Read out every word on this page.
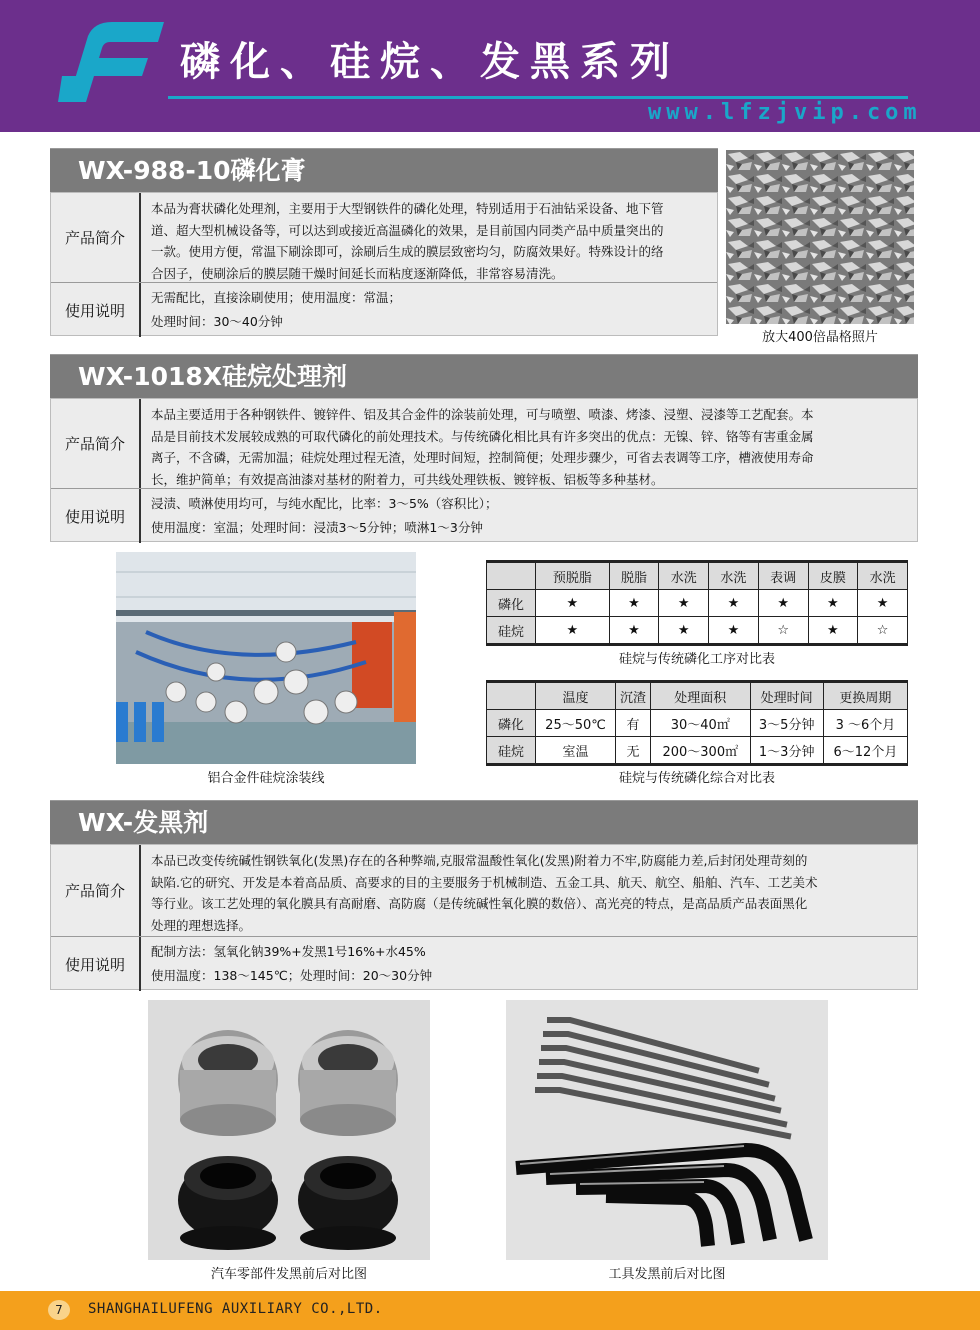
磷化、硅烷、发黑系列
www.lfzjvip.com
WX-988-10磷化膏
产品简介
本品为膏状磷化处理剂，主要用于大型钢铁件的磷化处理，特别适用于石油钻采设备、地下管
道、超大型机械设备等，可以达到或接近高温磷化的效果，是目前国内同类产品中质量突出的
一款。使用方便，常温下刷涂即可，涂刷后生成的膜层致密均匀，防腐效果好。特殊设计的络
合因子，使刷涂后的膜层随干燥时间延长而粘度逐渐降低，非常容易清洗。
使用说明
无需配比，直接涂刷使用；使用温度：常温；
处理时间：30～40分钟
放大400倍晶格照片
WX-1018X硅烷处理剂
产品简介
本品主要适用于各种钢铁件、镀锌件、铝及其合金件的涂装前处理，可与喷塑、喷漆、烤漆、浸塑、浸漆等工艺配套。本
品是目前技术发展较成熟的可取代磷化的前处理技术。与传统磷化相比具有许多突出的优点：无镍、锌、铬等有害重金属
离子，不含磷，无需加温；硅烷处理过程无渣，处理时间短，控制简便；处理步骤少，可省去表调等工序，槽液使用寿命
长，维护简单；有效提高油漆对基材的附着力，可共线处理铁板、镀锌板、铝板等多种基材。
使用说明
浸渍、喷淋使用均可，与纯水配比，比率：3～5%（容积比）；
使用温度：室温；处理时间：浸渍3～5分钟；喷淋1～3分钟
铝合金件硅烷涂装线
	预脱脂	脱脂	水洗	水洗	表调	皮膜	水洗
磷化	★	★	★	★	★	★	★
硅烷	★	★	★	★	☆	★	☆
硅烷与传统磷化工序对比表
	温度	沉渣	处理面积	处理时间	更换周期
磷化	25～50℃	有	30～40㎡	3～5分钟	3 ～6个月
硅烷	室温	无	200～300㎡	1～3分钟	6～12个月
硅烷与传统磷化综合对比表
WX-发黑剂
产品简介
本品已改变传统碱性钢铁氧化(发黑)存在的各种弊端,克服常温酸性氧化(发黑)附着力不牢,防腐能力差,后封闭处理苛刻的
缺陷.它的研究、开发是本着高品质、高要求的目的主要服务于机械制造、五金工具、航天、航空、船舶、汽车、工艺美术
等行业。该工艺处理的氧化膜具有高耐磨、高防腐（是传统碱性氧化膜的数倍）、高光亮的特点，是高品质产品表面黑化
处理的理想选择。
使用说明
配制方法：氢氧化钠39%+发黑1号16%+水45%
使用温度：138～145℃；处理时间：20～30分钟
汽车零部件发黑前后对比图	工具发黑前后对比图
7	SHANGHAILUFENG AUXILIARY CO.,LTD.
